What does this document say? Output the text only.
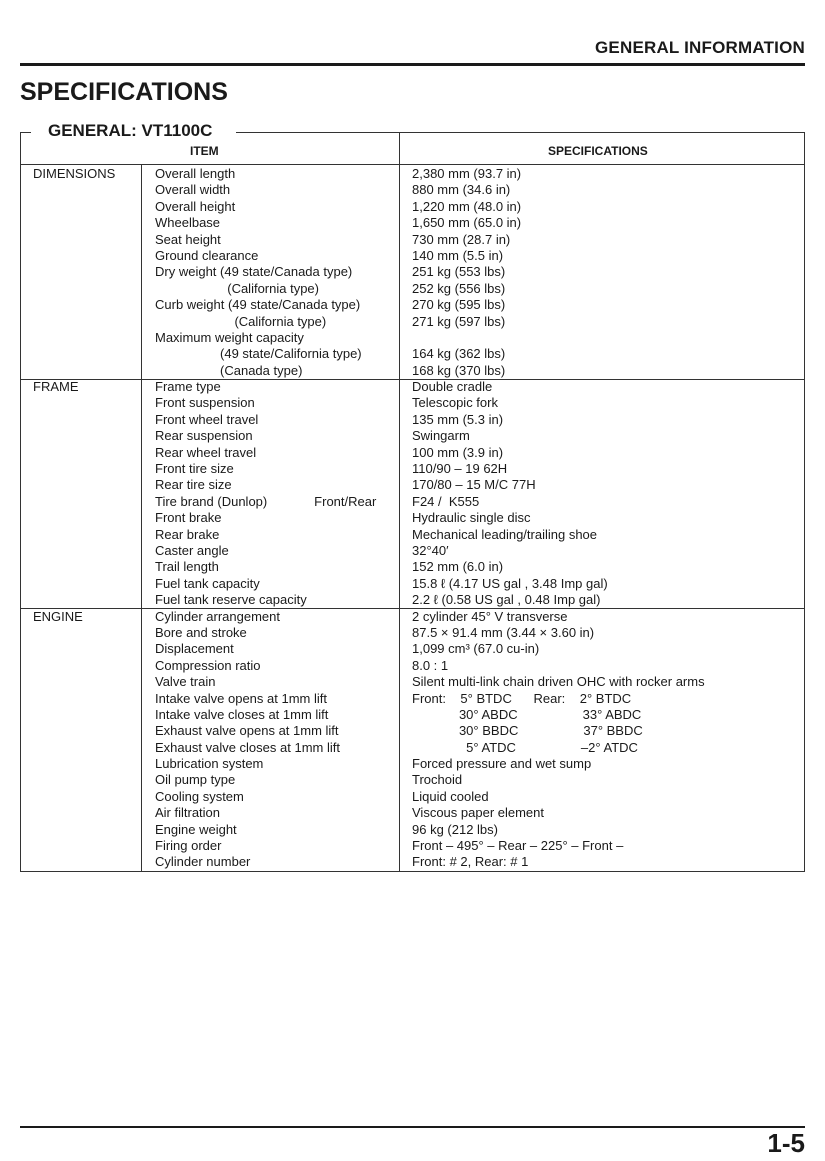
GENERAL INFORMATION
SPECIFICATIONS
GENERAL: VT1100C
ITEM	SPECIFICATIONS
DIMENSIONS	Overall length	2,380 mm (93.7 in)
Overall width	880 mm (34.6 in)
Overall height	1,220 mm (48.0 in)
Wheelbase	1,650 mm (65.0 in)
Seat height	730 mm (28.7 in)
Ground clearance	140 mm (5.5 in)
Dry weight (49 state/Canada type)	251 kg (553 lbs)
(California type)	252 kg (556 lbs)
Curb weight (49 state/Canada type)	270 kg (595 lbs)
(California type)	271 kg (597 lbs)
Maximum weight capacity
(49 state/California type)	164 kg (362 lbs)
(Canada type)	168 kg (370 lbs)
FRAME	Frame type	Double cradle
Front suspension	Telescopic fork
Front wheel travel	135 mm (5.3 in)
Rear suspension	Swingarm
Rear wheel travel	100 mm (3.9 in)
Front tire size	110/90 – 19 62H
Rear tire size	170/80 – 15 M/C 77H
Tire brand (Dunlop)             Front/Rear	F24 /  K555
Front brake	Hydraulic single disc
Rear brake	Mechanical leading/trailing shoe
Caster angle	32°40′
Trail length	152 mm (6.0 in)
Fuel tank capacity	15.8 ℓ (4.17 US gal , 3.48 Imp gal)
Fuel tank reserve capacity	2.2 ℓ (0.58 US gal , 0.48 Imp gal)
ENGINE	Cylinder arrangement	2 cylinder 45° V transverse
Bore and stroke	87.5 × 91.4 mm (3.44 × 3.60 in)
Displacement	1,099 cm³ (67.0 cu-in)
Compression ratio	8.0 : 1
Valve train	Silent multi-link chain driven OHC with rocker arms
Intake valve opens at 1mm lift	Front:    5° BTDC      Rear:    2° BTDC
Intake valve closes at 1mm lift	30° ABDC                  33° ABDC
Exhaust valve opens at 1mm lift	30° BBDC                  37° BBDC
Exhaust valve closes at 1mm lift	5° ATDC                  –2° ATDC
Lubrication system	Forced pressure and wet sump
Oil pump type	Trochoid
Cooling system	Liquid cooled
Air filtration	Viscous paper element
Engine weight	96 kg (212 lbs)
Firing order	Front – 495° – Rear – 225° – Front –
Cylinder number	Front: # 2, Rear: # 1
1-5
